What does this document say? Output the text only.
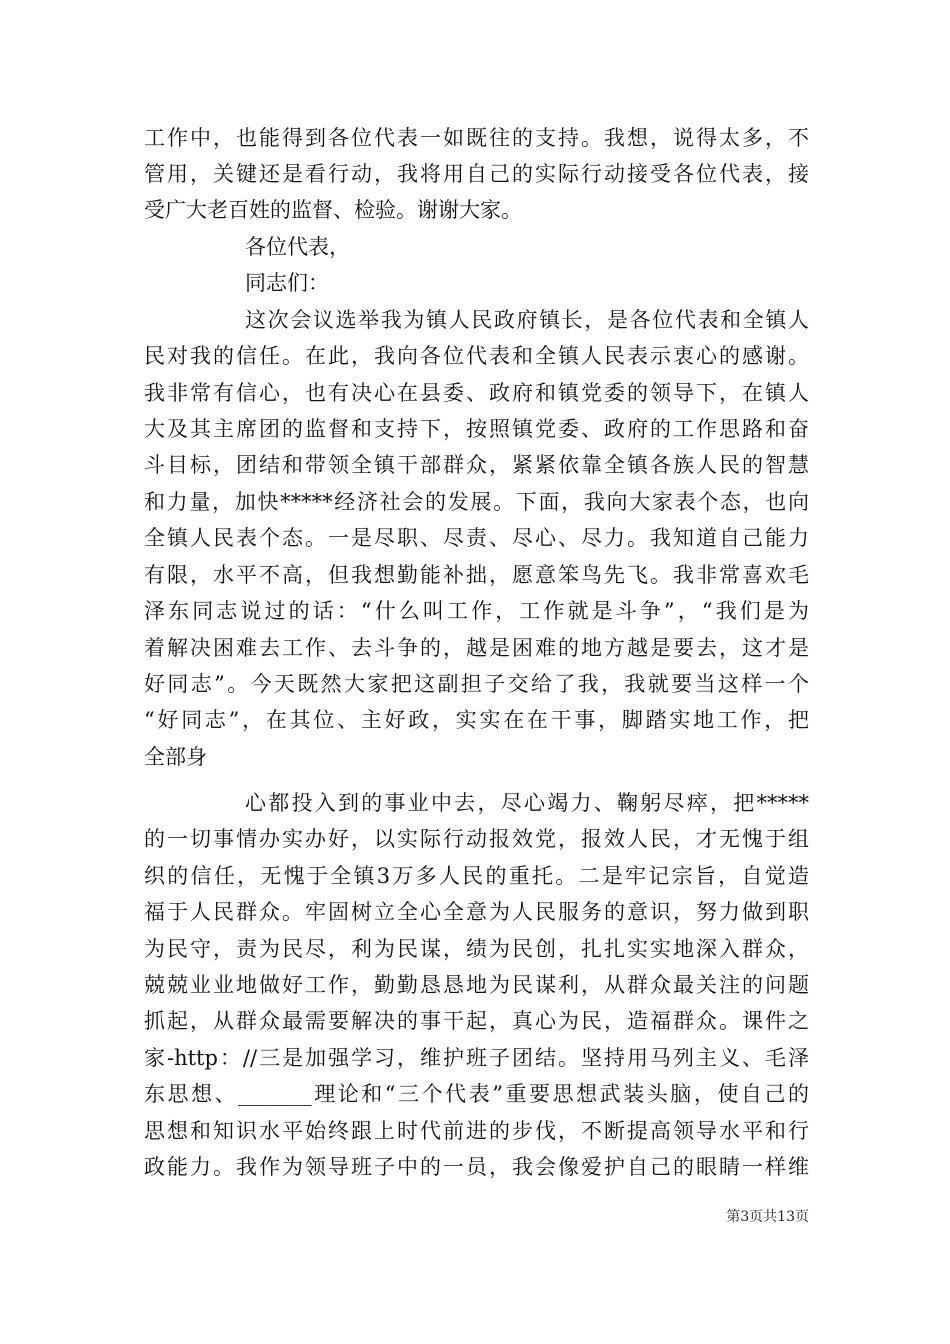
工作中，也能得到各位代表一如既往的支持。我想，说得太多，不
管用，关键还是看行动，我将用自己的实际行动接受各位代表，接
受广大老百姓的监督、检验。谢谢大家。
各位代表，
同志们：
这次会议选举我为镇人民政府镇长，是各位代表和全镇人
民对我的信任。在此，我向各位代表和全镇人民表示衷心的感谢。
我非常有信心，也有决心在县委、政府和镇党委的领导下，在镇人
大及其主席团的监督和支持下，按照镇党委、政府的工作思路和奋
斗目标，团结和带领全镇干部群众，紧紧依靠全镇各族人民的智慧
和力量，加快*****经济社会的发展。下面，我向大家表个态，也向
全镇人民表个态。一是尽职、尽责、尽心、尽力。我知道自己能力
有限，水平不高，但我想勤能补拙，愿意笨鸟先飞。我非常喜欢毛
泽东同志说过的话：“什么叫工作，工作就是斗争”，“我们是为
着解决困难去工作、去斗争的，越是困难的地方越是要去，这才是
好同志”。今天既然大家把这副担子交给了我，我就要当这样一个
“好同志”，在其位、主好政，实实在在干事，脚踏实地工作，把
全部身
心都投入到的事业中去，尽心竭力、鞠躬尽瘁，把*****
的一切事情办实办好，以实际行动报效党，报效人民，才无愧于组
织的信任，无愧于全镇3万多人民的重托。二是牢记宗旨，自觉造
福于人民群众。牢固树立全心全意为人民服务的意识，努力做到职
为民守，责为民尽，利为民谋，绩为民创，扎扎实实地深入群众，
兢兢业业地做好工作，勤勤恳恳地为民谋利，从群众最关注的问题
抓起，从群众最需要解决的事干起，真心为民，造福群众。课件之
家-http：//三是加强学习，维护班子团结。坚持用马列主义、毛泽
东思想、_______理论和“三个代表”重要思想武装头脑，使自己的
思想和知识水平始终跟上时代前进的步伐，不断提高领导水平和行
政能力。我作为领导班子中的一员，我会像爱护自己的眼睛一样维
第3页共13页
